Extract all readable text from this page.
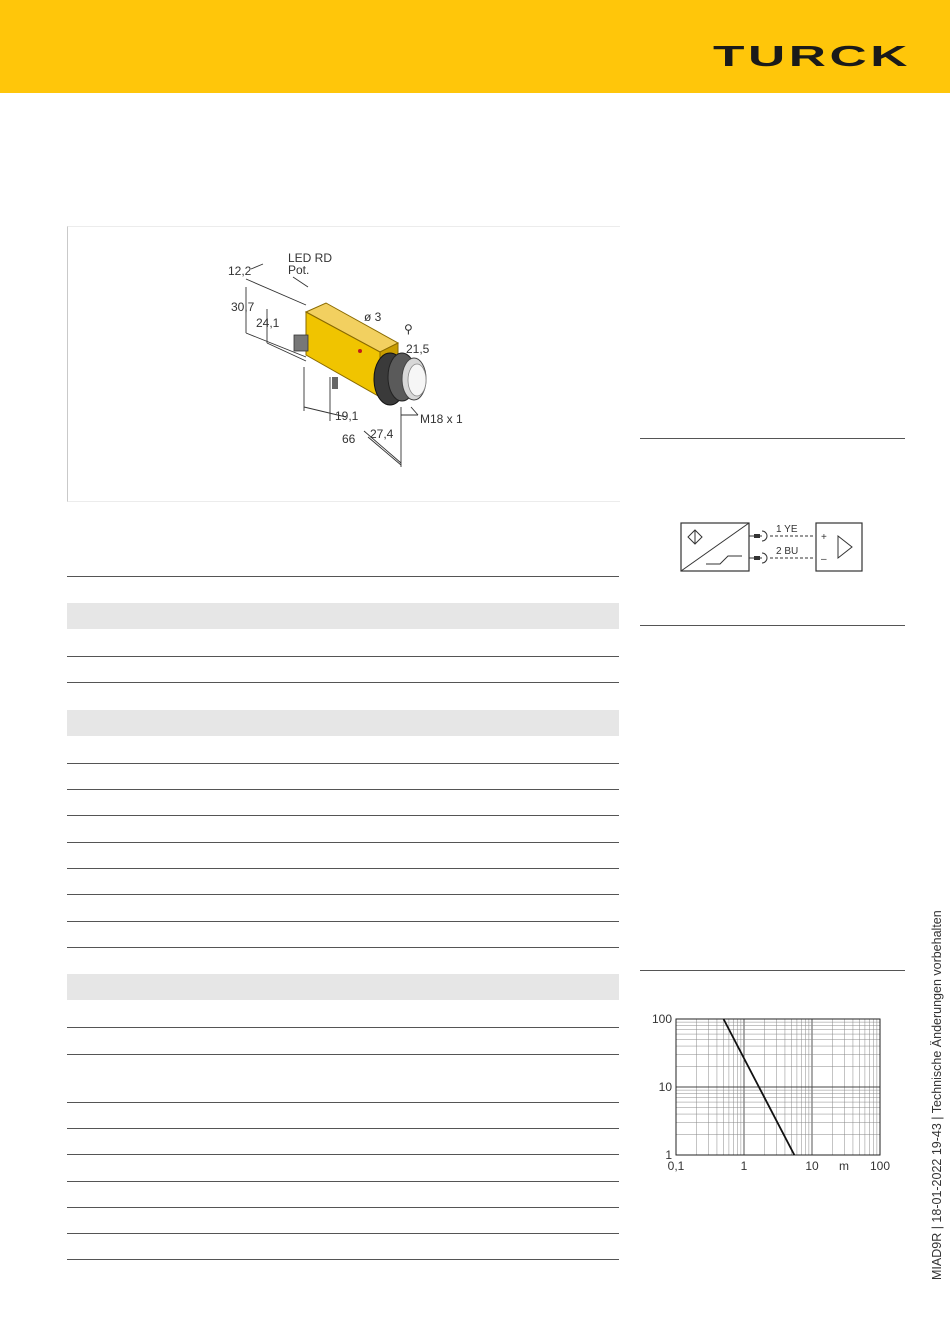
TURCK
LED RD
Pot.
12,2
30,7
24,1	ø 3
⚲
21,5
19,1
27,4
66
M18 x 1
1 YE
2 BU
+
–
0,1	1	10	100
100
10
1
m	MIAD9R | 18-01-2022 19-43 | Technische Änderungen vorbehalten
